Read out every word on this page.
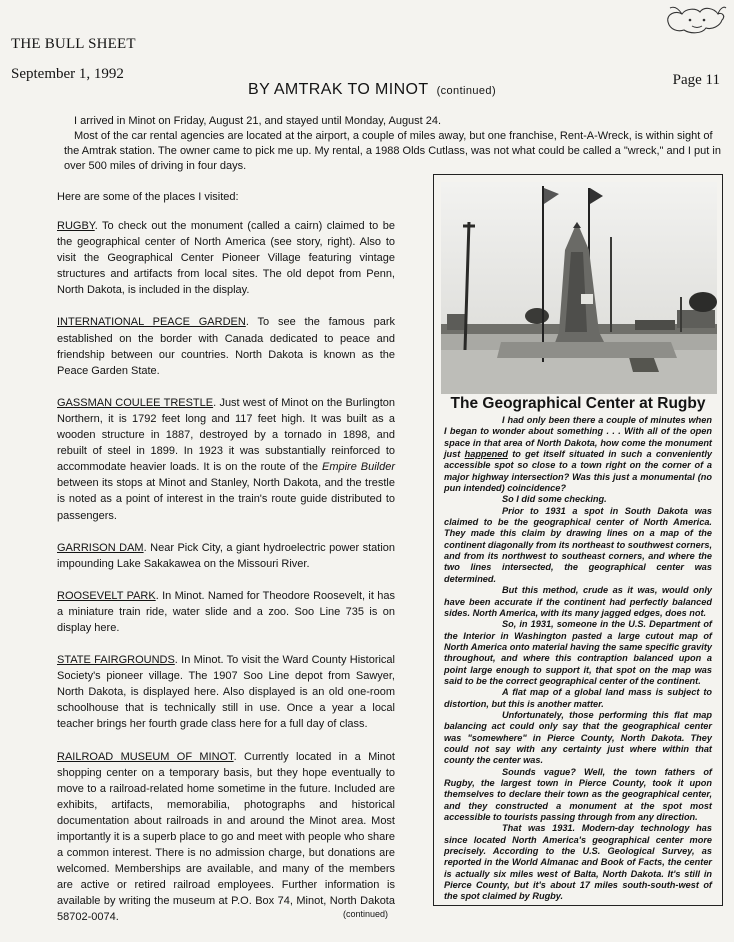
THE BULL SHEET
September 1, 1992	Page 11
BY AMTRAK TO MINOT (continued)

I arrived in Minot on Friday, August 21, and stayed until Monday, August 24.

Most of the car rental agencies are located at the airport, a couple of miles away, but one franchise, Rent-A-Wreck, is within sight of the Amtrak station. The owner came to pick me up. My rental, a 1988 Olds Cutlass, was not what could be called a "wreck," and I put in over 500 miles of driving in four days.

Here are some of the places I visited:

RUGBY. To check out the monument (called a cairn) claimed to be the geographical center of North America (see story, right). Also to visit the Geographical Center Pioneer Village featuring vintage structures and artifacts from local sites. The old depot from Penn, North Dakota, is included in the display.

INTERNATIONAL PEACE GARDEN. To see the famous park established on the border with Canada dedicated to peace and friendship between our countries. North Dakota is known as the Peace Garden State.

GASSMAN COULEE TRESTLE. Just west of Minot on the Burlington Northern, it is 1792 feet long and 117 feet high. It was built as a wooden structure in 1887, destroyed by a tornado in 1898, and rebuilt of steel in 1899. In 1923 it was substantially reinforced to accommodate heavier loads. It is on the route of the Empire Builder between its stops at Minot and Stanley, North Dakota, and the trestle is noted as a point of interest in the train's route guide distributed to passengers.

GARRISON DAM. Near Pick City, a giant hydroelectric power station impounding Lake Sakakawea on the Missouri River.

ROOSEVELT PARK. In Minot. Named for Theodore Roosevelt, it has a miniature train ride, water slide and a zoo. Soo Line 735 is on display here.

STATE FAIRGROUNDS. In Minot. To visit the Ward County Historical Society's pioneer village. The 1907 Soo Line depot from Sawyer, North Dakota, is displayed here. Also displayed is an old one-room schoolhouse that is technically still in use. Once a year a local teacher brings her fourth grade class here for a full day of class.

RAILROAD MUSEUM OF MINOT. Currently located in a Minot shopping center on a temporary basis, but they hope eventually to move to a railroad-related home sometime in the future. Included are exhibits, artifacts, memorabilia, photographs and historical documentation about railroads in and around the Minot area. Most importantly it is a superb place to go and meet with people who share a common interest. There is no admission charge, but donations are welcomed. Memberships are available, and many of the members are active or retired railroad employees. Further information is available by writing the museum at P.O. Box 74, Minot, North Dakota 58702-0074.

The Geographical Center at Rugby

I had only been there a couple of minutes when I began to wonder about something . . . With all of the open space in that area of North Dakota, how come the monument just happened to get itself situated in such a conveniently accessible spot so close to a town right on the corner of a major highway intersection? Was this just a monumental (no pun intended) coincidence?

So I did some checking.

Prior to 1931 a spot in South Dakota was claimed to be the geographical center of North America. They made this claim by drawing lines on a map of the continent diagonally from its northeast to southwest corners, and from its northwest to southeast corners, and where the two lines intersected, the geographical center was determined.

But this method, crude as it was, would only have been accurate if the continent had perfectly balanced sides. North America, with its many jagged edges, does not.

So, in 1931, someone in the U.S. Department of the Interior in Washington pasted a large cutout map of North America onto material having the same specific gravity throughout, and where this contraption balanced upon a point large enough to support it, that spot on the map was said to be the correct geographical center of the continent.

A flat map of a global land mass is subject to distortion, but this is another matter.

Unfortunately, those performing this flat map balancing act could only say that the geographical center was "somewhere" in Pierce County, North Dakota. They could not say with any certainty just where within that county the center was.

Sounds vague? Well, the town fathers of Rugby, the largest town in Pierce County, took it upon themselves to declare their town as the geographical center, and they constructed a monument at the spot most accessible to tourists passing through from any direction.

That was 1931. Modern-day technology has since located North America's geographical center more precisely. According to the U.S. Geological Survey, as reported in the World Almanac and Book of Facts, the center is actually six miles west of Balta, North Dakota. It's still in Pierce County, but it's about 17 miles south-south-west of the spot claimed by Rugby.

(continued)
